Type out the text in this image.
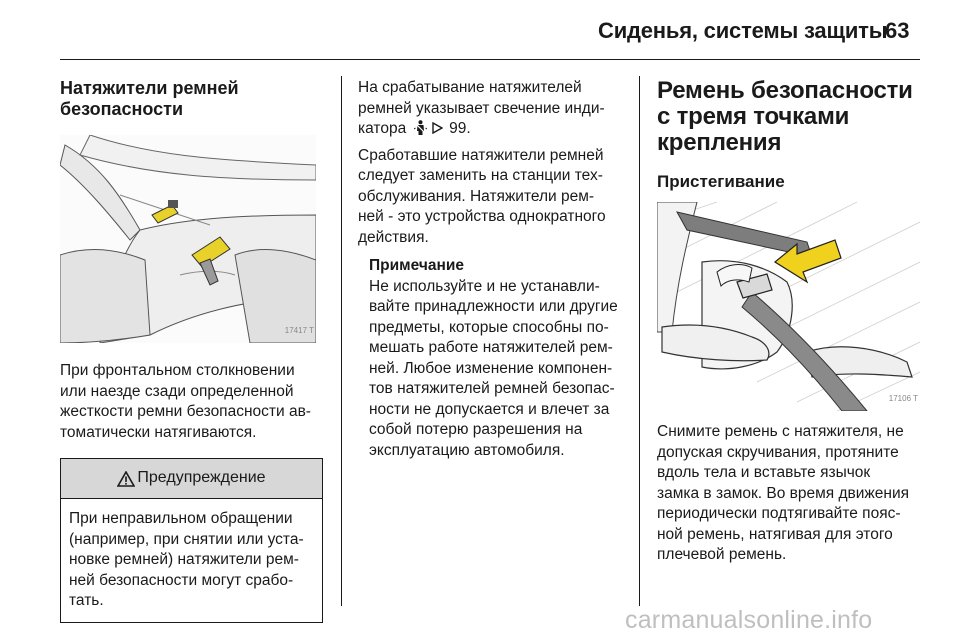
Сиденья, системы защиты
63
Натяжители ремней
безопасности
17417 T
При фронтальном столкновении
или наезде сзади определенной
жесткости ремни безопасности ав-
томатически натягиваются.
Предупреждение
При неправильном обращении
(например, при снятии или уста-
новке ремней) натяжители рем-
ней безопасности могут срабо-
тать.
На срабатывание натяжителей
ремней указывает свечение инди-
катора	99.
Сработавшие натяжители ремней
следует заменить на станции тех-
обслуживания. Натяжители рем-
ней - это устройства однократного
действия.
Примечание
Не используйте и не устанавли-
вайте принадлежности или другие
предметы, которые способны по-
мешать работе натяжителей рем-
ней. Любое изменение компонен-
тов натяжителей ремней безопас-
ности не допускается и влечет за
собой потерю разрешения на
эксплуатацию автомобиля.
Ремень безопасности
с тремя точками
крепления
Пристегивание
17106 T
Снимите ремень с натяжителя, не
допуская скручивания, протяните
вдоль тела и вставьте язычок
замка в замок. Во время движения
периодически подтягивайте пояс-
ной ремень, натягивая для этого
плечевой ремень.
carmanualsonline.info
